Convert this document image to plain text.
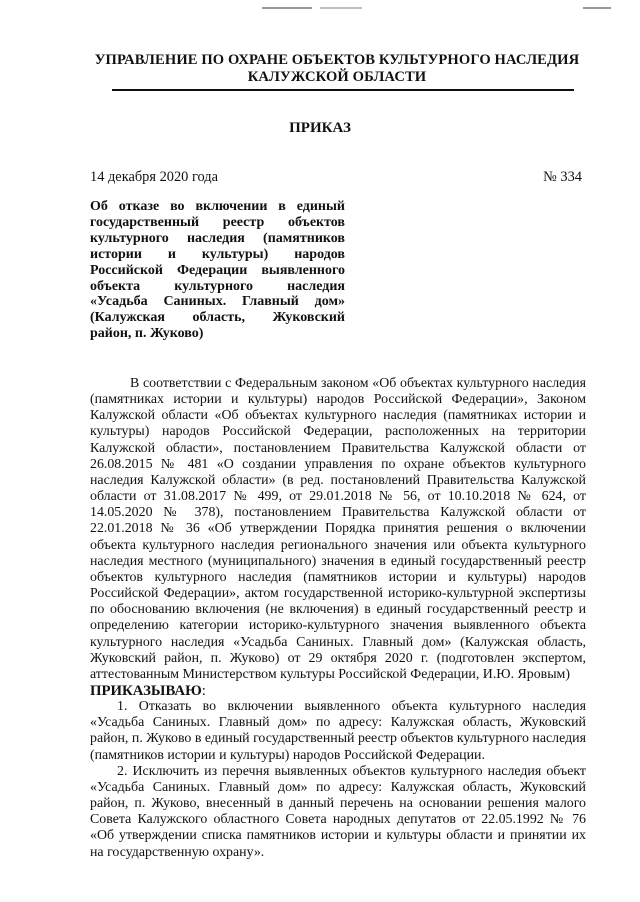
УПРАВЛЕНИЕ ПО ОХРАНЕ ОБЪЕКТОВ КУЛЬТУРНОГО НАСЛЕДИЯ
КАЛУЖСКОЙ ОБЛАСТИ
ПРИКАЗ
14 декабря 2020 года	№ 334
Об отказе во включении в единый
государственный реестр объектов
культурного наследия (памятников
истории и культуры) народов
Российской Федерации выявленного
объекта культурного наследия
«Усадьба Саниных. Главный дом»
(Калужская область, Жуковский
район, п. Жуково)

В соответствии с Федеральным законом «Об объектах культурного наследия (памятниках истории и культуры) народов Российской Федерации», Законом Калужской области «Об объектах культурного наследия (памятниках истории и культуры) народов Российской Федерации, расположенных на территории Калужской области», постановлением Правительства Калужской области от 26.08.2015 № 481 «О создании управления по охране объектов культурного наследия Калужской области» (в ред. постановлений Правительства Калужской области от 31.08.2017 № 499, от 29.01.2018 № 56, от 10.10.2018 № 624, от 14.05.2020 № 378), постановлением Правительства Калужской области от 22.01.2018 № 36 «Об утверждении Порядка принятия решения о включении объекта культурного наследия регионального значения или объекта культурного наследия местного (муниципального) значения в единый государственный реестр объектов культурного наследия (памятников истории и культуры) народов Российской Федерации», актом государственной историко-культурной экспертизы по обоснованию включения (не включения) в единый государственный реестр и определению категории историко-культурного значения выявленного объекта культурного наследия «Усадьба Саниных. Главный дом» (Калужская область, Жуковский район, п. Жуково) от 29 октября 2020 г. (подготовлен экспертом, аттестованным Министерством культуры Российской Федерации, И.Ю. Яровым)

ПРИКАЗЫВАЮ:

1. Отказать во включении выявленного объекта культурного наследия «Усадьба Саниных. Главный дом» по адресу: Калужская область, Жуковский район, п. Жуково в единый государственный реестр объектов культурного наследия (памятников истории и культуры) народов Российской Федерации.

2. Исключить из перечня выявленных объектов культурного наследия объект «Усадьба Саниных. Главный дом» по адресу: Калужская область, Жуковский район, п. Жуково, внесенный в данный перечень на основании решения малого Совета Калужского областного Совета народных депутатов от 22.05.1992 № 76 «Об утверждении списка памятников истории и культуры области и принятии их на государственную охрану».
